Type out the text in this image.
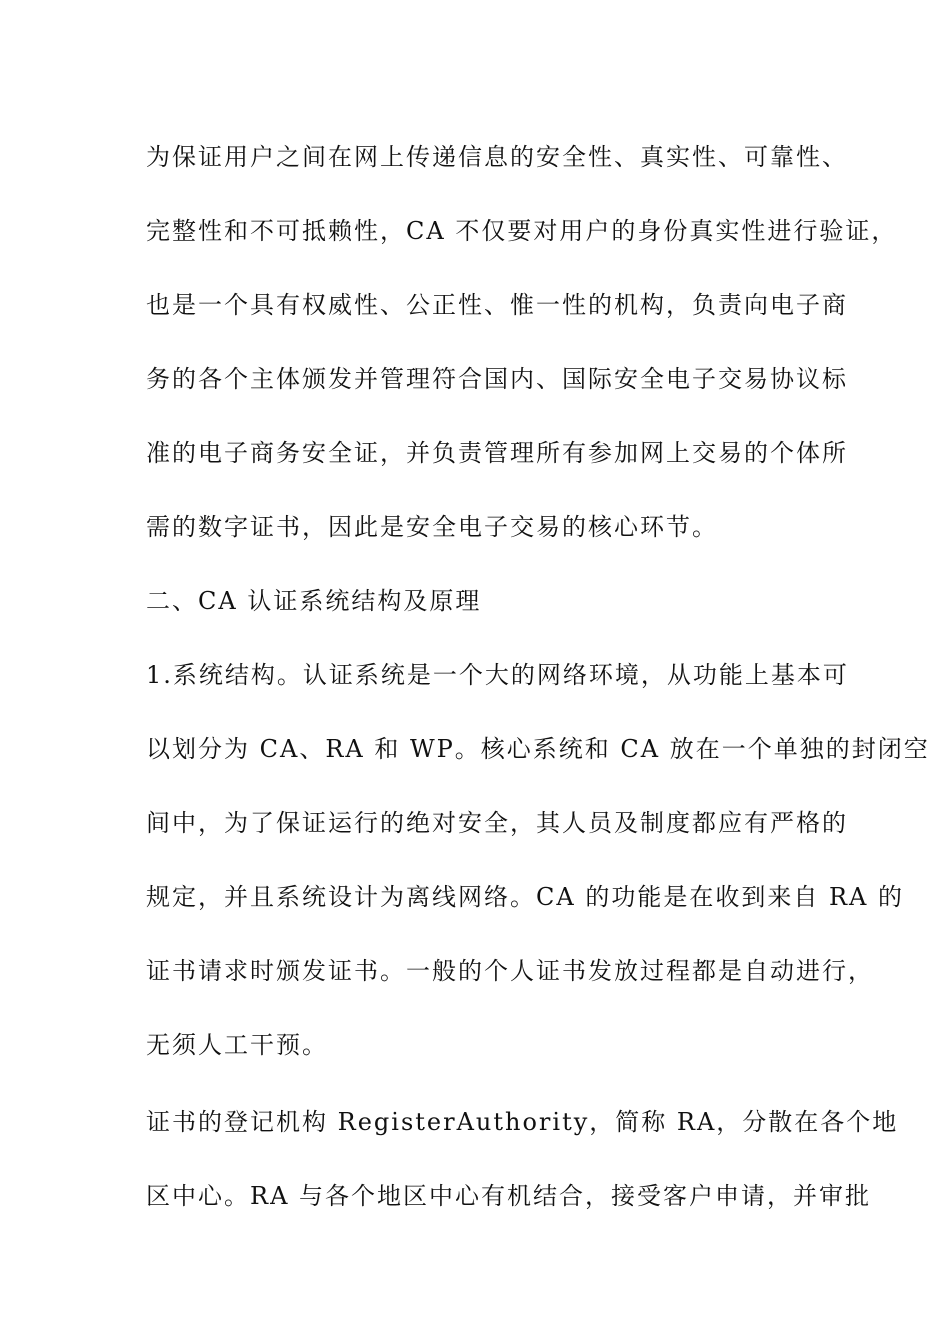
为保证用户之间在网上传递信息的安全性、真实性、可靠性、
完整性和不可抵赖性，CA 不仅要对用户的身份真实性进行验证，
也是一个具有权威性、公正性、惟一性的机构，负责向电子商
务的各个主体颁发并管理符合国内、国际安全电子交易协议标
准的电子商务安全证，并负责管理所有参加网上交易的个体所
需的数字证书，因此是安全电子交易的核心环节。
二、CA 认证系统结构及原理
1.系统结构。认证系统是一个大的网络环境，从功能上基本可
以划分为 CA、RA 和 WP。核心系统和 CA 放在一个单独的封闭空
间中，为了保证运行的绝对安全，其人员及制度都应有严格的
规定，并且系统设计为离线网络。CA 的功能是在收到来自 RA 的
证书请求时颁发证书。一般的个人证书发放过程都是自动进行，
无须人工干预。
证书的登记机构 RegisterAuthority，简称 RA，分散在各个地
区中心。RA 与各个地区中心有机结合，接受客户申请，并审批
